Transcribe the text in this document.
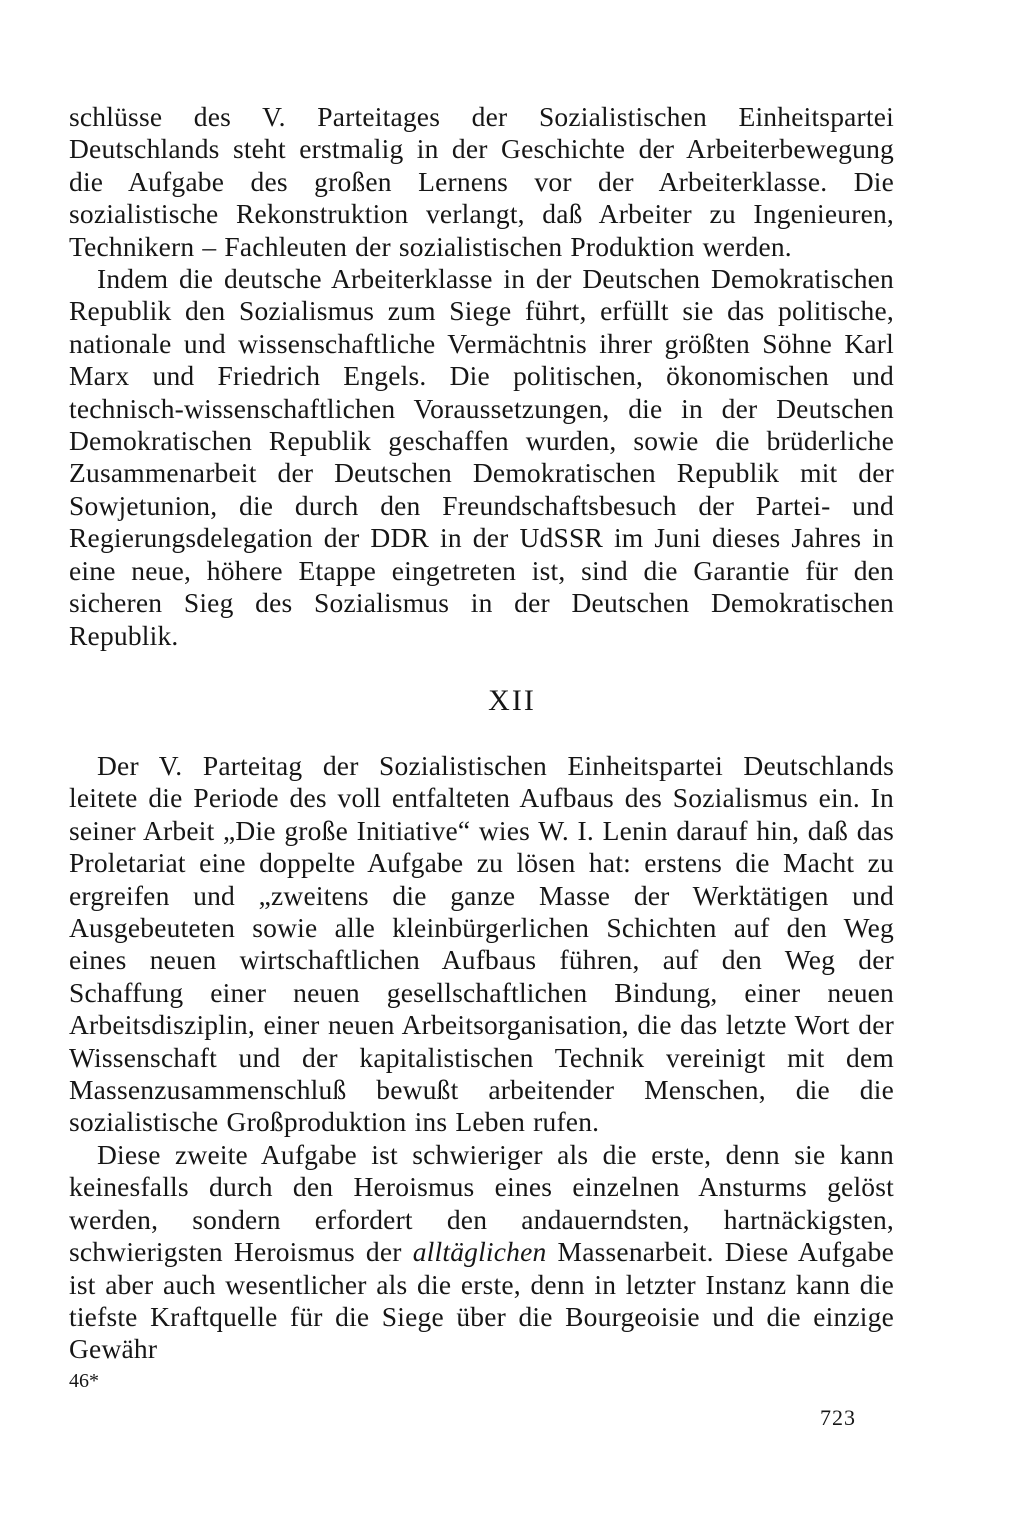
schlüsse des V. Parteitages der Sozialistischen Einheitspartei Deutschlands steht erstmalig in der Geschichte der Arbeiterbewegung die Aufgabe des großen Lernens vor der Arbeiterklasse. Die sozialistische Rekonstruktion verlangt, daß Arbeiter zu Ingenieuren, Technikern – Fachleuten der sozialistischen Produktion werden.

Indem die deutsche Arbeiterklasse in der Deutschen Demokratischen Republik den Sozialismus zum Siege führt, erfüllt sie das politische, nationale und wissenschaftliche Vermächtnis ihrer größten Söhne Karl Marx und Friedrich Engels. Die politischen, ökonomischen und technisch-wissenschaftlichen Voraussetzungen, die in der Deutschen Demokratischen Republik geschaffen wurden, sowie die brüderliche Zusammenarbeit der Deutschen Demokratischen Republik mit der Sowjetunion, die durch den Freundschaftsbesuch der Partei- und Regierungsdelegation der DDR in der UdSSR im Juni dieses Jahres in eine neue, höhere Etappe eingetreten ist, sind die Garantie für den sicheren Sieg des Sozialismus in der Deutschen Demokratischen Republik.

XII

Der V. Parteitag der Sozialistischen Einheitspartei Deutschlands leitete die Periode des voll entfalteten Aufbaus des Sozialismus ein. In seiner Arbeit „Die große Initiative“ wies W. I. Lenin darauf hin, daß das Proletariat eine doppelte Aufgabe zu lösen hat: erstens die Macht zu ergreifen und „zweitens die ganze Masse der Werktätigen und Ausgebeuteten sowie alle kleinbürgerlichen Schichten auf den Weg eines neuen wirtschaftlichen Aufbaus führen, auf den Weg der Schaffung einer neuen gesellschaftlichen Bindung, einer neuen Arbeitsdisziplin, einer neuen Arbeitsorganisation, die das letzte Wort der Wissenschaft und der kapitalistischen Technik vereinigt mit dem Massenzusammenschluß bewußt arbeitender Menschen, die die sozialistische Großproduktion ins Leben rufen.

Diese zweite Aufgabe ist schwieriger als die erste, denn sie kann keinesfalls durch den Heroismus eines einzelnen Ansturms gelöst werden, sondern erfordert den andauerndsten, hartnäckigsten, schwierigsten Heroismus der alltäglichen Massenarbeit. Diese Aufgabe ist aber auch wesentlicher als die erste, denn in letzter Instanz kann die tiefste Kraftquelle für die Siege über die Bourgeoisie und die einzige Gewähr

46*
723
